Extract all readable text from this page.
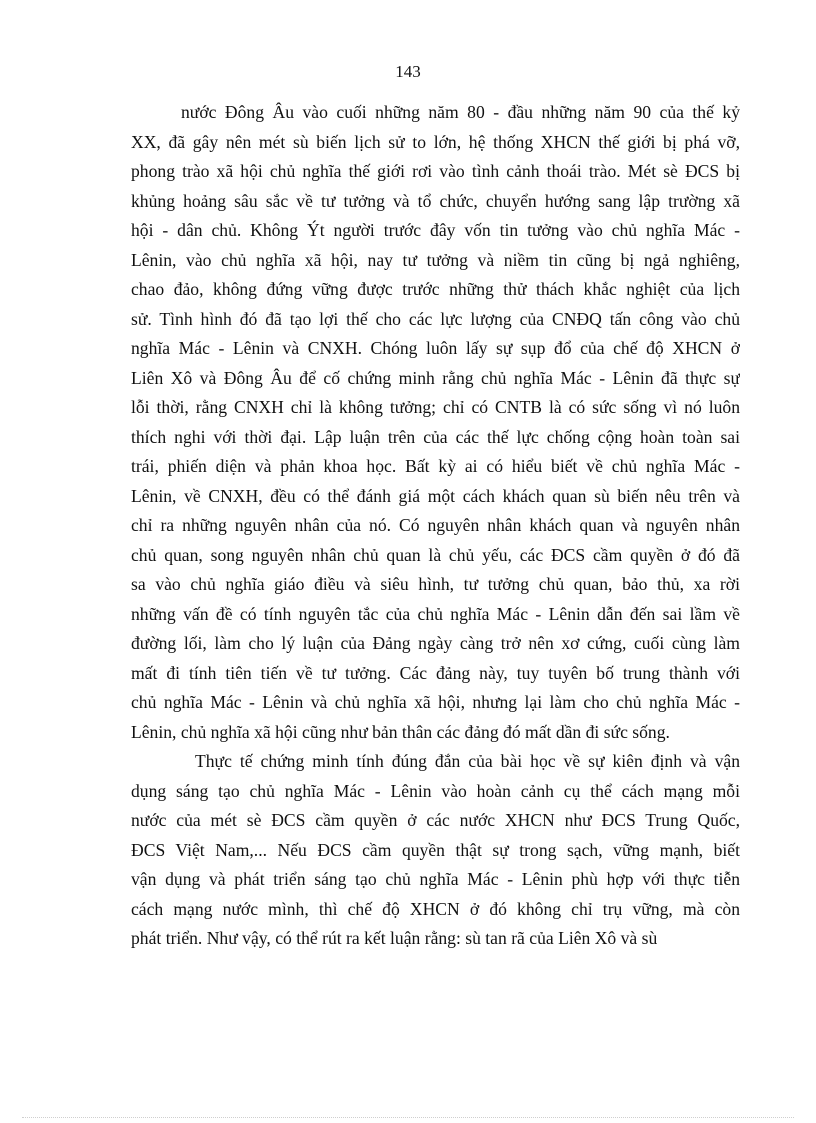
143
nước Đông Âu vào cuối những năm 80 - đầu những năm 90 của thế kỷ
XX, đã gây nên mét sù biến lịch sử to lớn, hệ thống XHCN thế giới bị phá vỡ,
phong trào xã hội chủ nghĩa thế giới rơi vào tình cảnh thoái trào. Mét sè ĐCS bị
khủng hoảng sâu sắc về tư tưởng và tổ chức, chuyển hướng sang lập trường xã
hội - dân chủ. Không Ýt người trước đây vốn tin tưởng vào chủ nghĩa Mác -
Lênin, vào chủ nghĩa xã hội, nay tư tưởng và niềm tin cũng bị ngả nghiêng,
chao đảo, không đứng vững được trước những thử thách khắc nghiệt của lịch
sử. Tình hình đó đã tạo lợi thế cho các lực lượng của CNĐQ tấn công vào chủ
nghĩa Mác - Lênin và CNXH. Chóng luôn lấy sự sụp đổ của chế độ XHCN ở
Liên Xô và Đông Âu để cố chứng minh rằng chủ nghĩa Mác - Lênin đã thực sự
lỗi thời, rằng CNXH chỉ là không tưởng; chỉ có CNTB là có sức sống vì nó luôn
thích nghi với thời đại. Lập luận trên của các thế lực chống cộng hoàn toàn sai
trái, phiến diện và phản khoa học. Bất kỳ ai có hiểu biết về chủ nghĩa Mác -
Lênin, về CNXH, đều có thể đánh giá một cách khách quan sù biến nêu trên và
chỉ ra những nguyên nhân của nó. Có nguyên nhân khách quan và nguyên nhân
chủ quan, song nguyên nhân chủ quan là chủ yếu, các ĐCS cầm quyền ở đó đã
sa vào chủ nghĩa giáo điều và siêu hình, tư tưởng chủ quan, bảo thủ, xa rời
những vấn đề có tính nguyên tắc của chủ nghĩa Mác - Lênin dẫn đến sai lầm về
đường lối, làm cho lý luận của Đảng ngày càng trở nên xơ cứng, cuối cùng làm
mất đi tính tiên tiến về tư tưởng. Các đảng này, tuy tuyên bố trung thành với
chủ nghĩa Mác - Lênin và chủ nghĩa xã hội, nhưng lại làm cho chủ nghĩa Mác -
Lênin, chủ nghĩa xã hội cũng như bản thân các đảng đó mất dần đi sức sống.
Thực tế chứng minh tính đúng đắn của bài học về sự kiên định và vận
dụng sáng tạo chủ nghĩa Mác - Lênin vào hoàn cảnh cụ thể cách mạng mỗi
nước của mét sè ĐCS cầm quyền ở các nước XHCN như ĐCS Trung Quốc,
ĐCS Việt Nam,... Nếu ĐCS cầm quyền thật sự trong sạch, vững mạnh, biết
vận dụng và phát triển sáng tạo chủ nghĩa Mác - Lênin phù hợp với thực tiễn
cách mạng nước mình, thì chế độ XHCN ở đó không chỉ trụ vững, mà còn
phát triển. Như vậy, có thể rút ra kết luận rằng: sù tan rã của Liên Xô và sù
